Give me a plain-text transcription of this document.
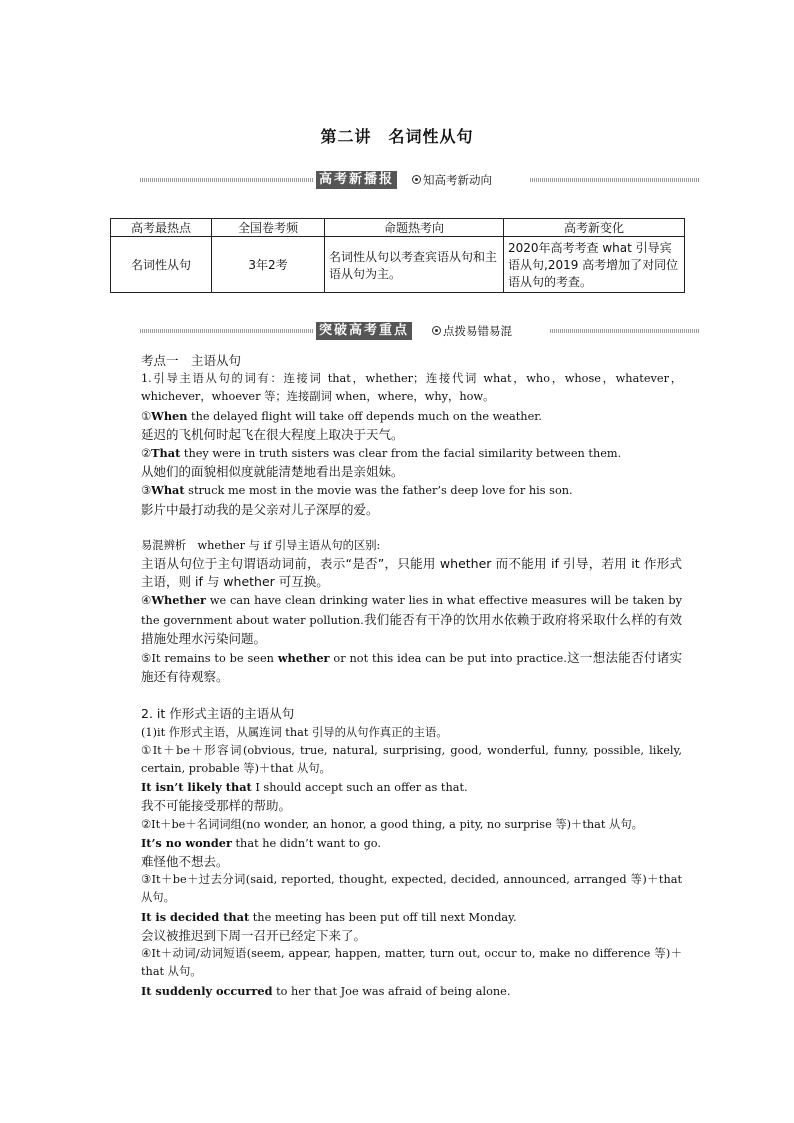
第二讲　名词性从句
高考新播报	知高考新动向
高考最热点	全国卷考频	命题热考向	高考新变化
名词性从句	3年2考	名词性从句以考查宾语从句和主语从句为主。	2020年高考考查 what 引导宾语从句,2019 高考增加了对同位语从句的考查。
突破高考重点	点拨易错易混

考点一　主语从句

1.引导主语从句的词有：连接词 that，whether；连接代词 what，who，whose，whatever，whichever，whoever 等；连接副词 when，where，why，how。

①When the delayed flight will take off depends much on the weather.

延迟的飞机何时起飞在很大程度上取决于天气。

②That they were in truth sisters was clear from the facial similarity between them.

从她们的面貌相似度就能清楚地看出是亲姐妹。

③What struck me most in the movie was the father’s deep love for his son.

影片中最打动我的是父亲对儿子深厚的爱。

易混辨析　whether 与 if 引导主语从句的区别:

主语从句位于主句谓语动词前，表示“是否”，只能用 whether 而不能用 if 引导，若用 it 作形式主语，则 if 与 whether 可互换。

④Whether we can have clean drinking water lies in what effective measures will be taken by the government about water pollution.我们能否有干净的饮用水依赖于政府将采取什么样的有效措施处理水污染问题。

⑤It remains to be seen whether or not this idea can be put into practice.这一想法能否付诸实施还有待观察。

2. it 作形式主语的主语从句

(1)it 作形式主语，从属连词 that 引导的从句作真正的主语。

①It＋be＋形容词(obvious, true, natural, surprising, good, wonderful, funny, possible, likely, certain, probable 等)＋that 从句。

It isn’t likely that I should accept such an offer as that.

我不可能接受那样的帮助。

②It＋be＋名词词组(no wonder, an honor, a good thing, a pity, no surprise 等)＋that 从句。

It’s no wonder that he didn’t want to go.

难怪他不想去。

③It＋be＋过去分词(said, reported, thought, expected, decided, announced, arranged 等)＋that 从句。

It is decided that the meeting has been put off till next Monday.

会议被推迟到下周一召开已经定下来了。

④It＋动词/动词短语(seem, appear, happen, matter, turn out, occur to, make no difference 等)＋that 从句。

It suddenly occurred to her that Joe was afraid of being alone.
